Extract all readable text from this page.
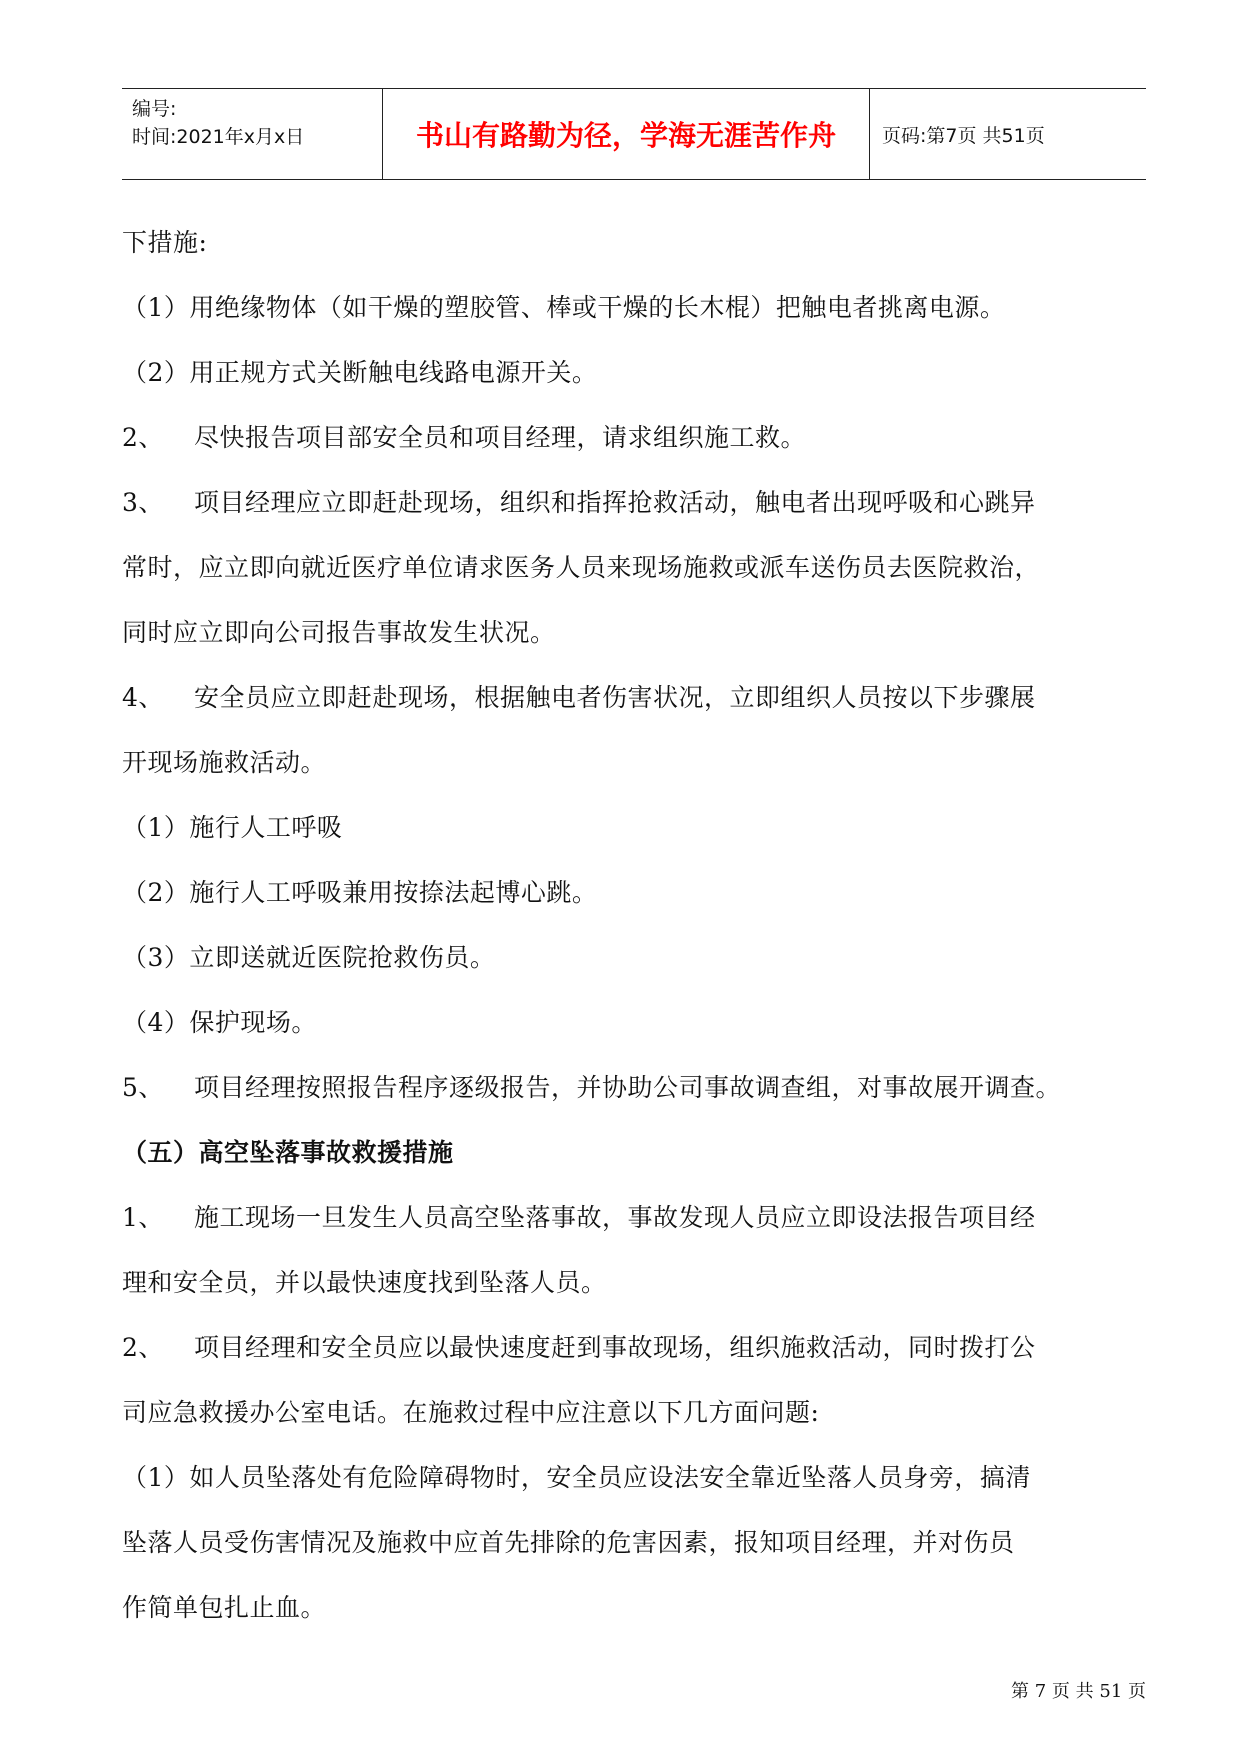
编号:
时间:2021年x月x日	书山有路勤为径，学海无涯苦作舟	页码:第7页 共51页

下措施:

（1）用绝缘物体（如干燥的塑胶管、棒或干燥的长木棍）把触电者挑离电源。

（2）用正规方式关断触电线路电源开关。

2、 尽快报告项目部安全员和项目经理，请求组织施工救。

3、 项目经理应立即赶赴现场，组织和指挥抢救活动，触电者出现呼吸和心跳异

常时，应立即向就近医疗单位请求医务人员来现场施救或派车送伤员去医院救治，

同时应立即向公司报告事故发生状况。

4、 安全员应立即赶赴现场，根据触电者伤害状况，立即组织人员按以下步骤展

开现场施救活动。

（1）施行人工呼吸

（2）施行人工呼吸兼用按捺法起博心跳。

（3）立即送就近医院抢救伤员。

（4）保护现场。

5、 项目经理按照报告程序逐级报告，并协助公司事故调查组，对事故展开调查。

（五）高空坠落事故救援措施

1、 施工现场一旦发生人员高空坠落事故，事故发现人员应立即设法报告项目经

理和安全员，并以最快速度找到坠落人员。

2、 项目经理和安全员应以最快速度赶到事故现场，组织施救活动，同时拨打公

司应急救援办公室电话。在施救过程中应注意以下几方面问题:

（1）如人员坠落处有危险障碍物时，安全员应设法安全靠近坠落人员身旁，搞清

坠落人员受伤害情况及施救中应首先排除的危害因素，报知项目经理，并对伤员

作简单包扎止血。

第 7 页 共 51 页
